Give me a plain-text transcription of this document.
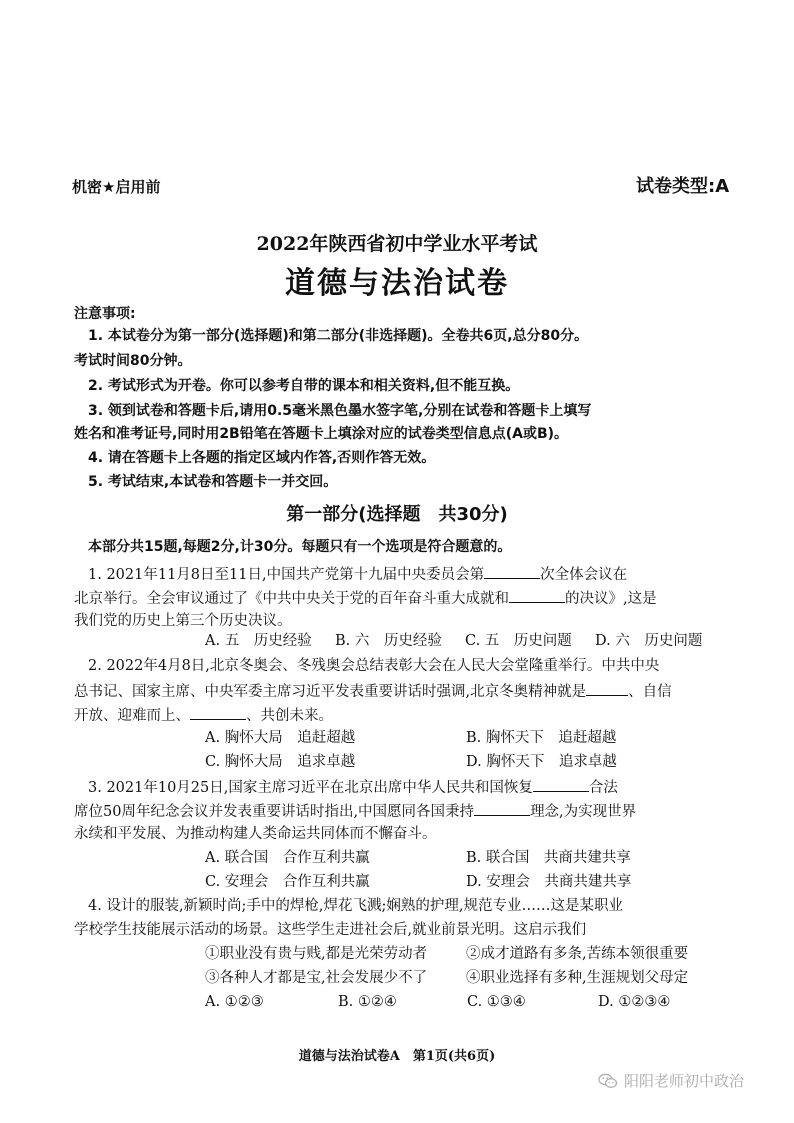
机密★启用前	试卷类型:A
2022年陕西省初中学业水平考试
道德与法治试卷
注意事项:
1. 本试卷分为第一部分(选择题)和第二部分(非选择题)。全卷共6页,总分80分。
考试时间80分钟。
2. 考试形式为开卷。你可以参考自带的课本和相关资料,但不能互换。
3. 领到试卷和答题卡后,请用0.5毫米黑色墨水签字笔,分别在试卷和答题卡上填写
姓名和准考证号,同时用2B铅笔在答题卡上填涂对应的试卷类型信息点(A或B)。
4. 请在答题卡上各题的指定区域内作答,否则作答无效。
5. 考试结束,本试卷和答题卡一并交回。
第一部分(选择题　共30分)
本部分共15题,每题2分,计30分。每题只有一个选项是符合题意的。
1. 2021年11月8日至11日,中国共产党第十九届中央委员会第	次全体会议在
北京举行。全会审议通过了《中共中央关于党的百年奋斗重大成就和	的决议》,这是
我们党的历史上第三个历史决议。
A. 五　历史经验 B. 六　历史经验 C. 五　历史问题 D. 六　历史问题
2. 2022年4月8日,北京冬奥会、冬残奥会总结表彰大会在人民大会堂隆重举行。中共中央
总书记、国家主席、中央军委主席习近平发表重要讲话时强调,北京冬奥精神就是	、自信
开放、迎难而上、	、共创未来。
A. 胸怀大局　追赶超越	B. 胸怀天下　追赶超越
C. 胸怀大局　追求卓越	D. 胸怀天下　追求卓越
3. 2021年10月25日,国家主席习近平在北京出席中华人民共和国恢复	合法
席位50周年纪念会议并发表重要讲话时指出,中国愿同各国秉持	理念,为实现世界
永续和平发展、为推动构建人类命运共同体而不懈奋斗。
A. 联合国　合作互利共赢	B. 联合国　共商共建共享
C. 安理会　合作互利共赢	D. 安理会　共商共建共享
4. 设计的服装,新颖时尚;手中的焊枪,焊花飞溅;娴熟的护理,规范专业……这是某职业
学校学生技能展示活动的场景。这些学生走进社会后,就业前景光明。这启示我们
①职业没有贵与贱,都是光荣劳动者	②成才道路有多条,苦练本领很重要
③各种人才都是宝,社会发展少不了	④职业选择有多种,生涯规划父母定
A. ①②③	B. ①②④	C. ①③④	D. ①②③④
道德与法治试卷A　第1页(共6页)
阳阳老师初中政治
